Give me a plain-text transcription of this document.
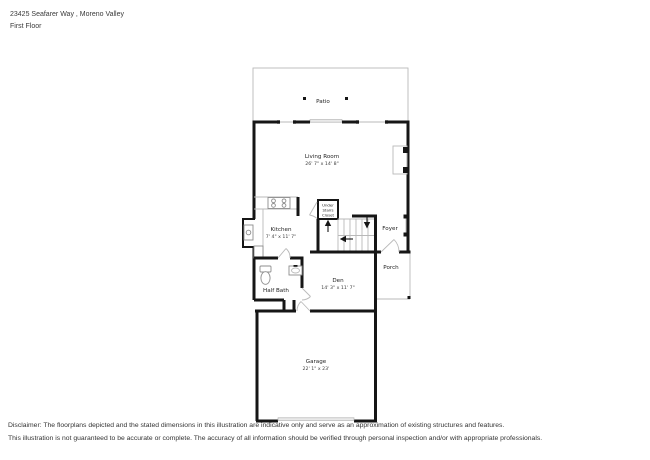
23425 Seafarer Way , Moreno Valley
First Floor
Patio
Living Room
26' 7" x 14' 8"
Kitchen
7' 4" x 11' 7"
Under
Stairs
Closet
Foyer
Porch
Half Bath
Den
14' 3" x 11' 7"
Garage
22' 1" x 23'
Disclaimer: The floorplans depicted and the stated dimensions in this illustration are indicative only and serve as an approximation of existing structures and features.
This illustration is not guaranteed to be accurate or complete. The accuracy of all information should be verified through personal inspection and/or with appropriate professionals.
